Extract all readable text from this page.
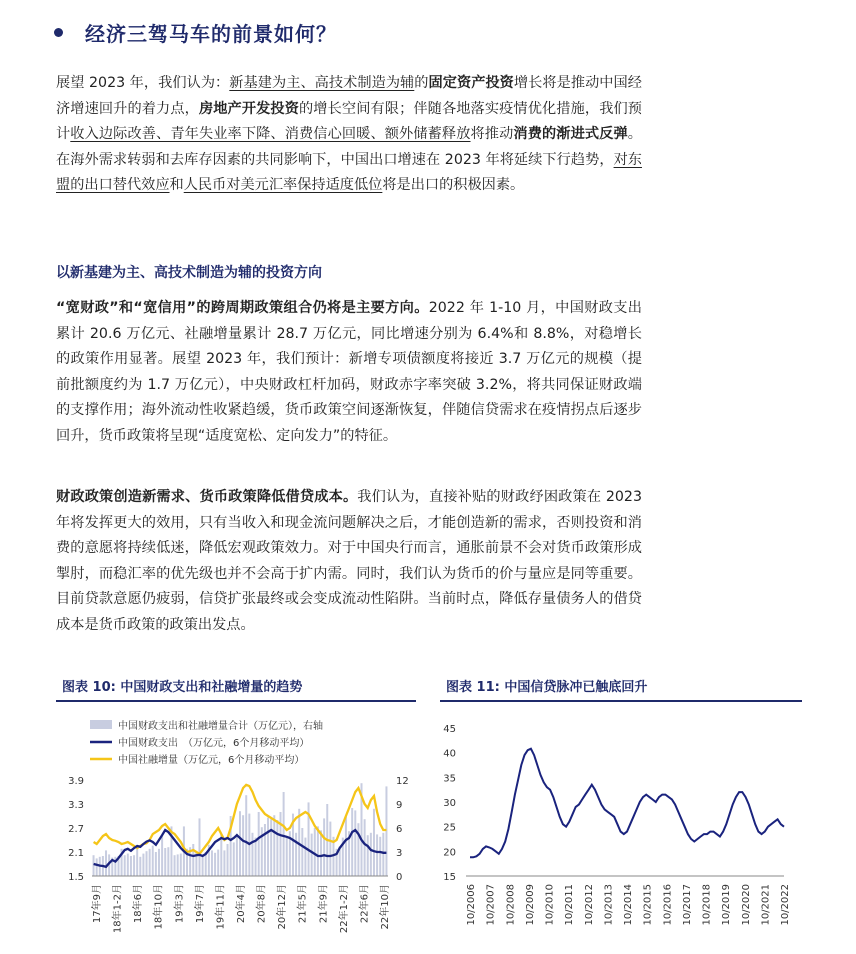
经济三驾马车的前景如何？
展望 2023 年，我们认为：新基建为主、高技术制造为辅的固定资产投资增长将是推动中国经济增速回升的着力点，房地产开发投资的增长空间有限；伴随各地落实疫情优化措施，我们预计收入边际改善、青年失业率下降、消费信心回暖、额外储蓄释放将推动消费的渐进式反弹。在海外需求转弱和去库存因素的共同影响下，中国出口增速在 2023 年将延续下行趋势，对东盟的出口替代效应和人民币对美元汇率保持适度低位将是出口的积极因素。
以新基建为主、高技术制造为辅的投资方向
“宽财政”和“宽信用”的跨周期政策组合仍将是主要方向。2022 年 1-10 月，中国财政支出累计 20.6 万亿元、社融增量累计 28.7 万亿元，同比增速分别为 6.4%和 8.8%，对稳增长的政策作用显著。展望 2023 年，我们预计：新增专项债额度将接近 3.7 万亿元的规模（提前批额度约为 1.7 万亿元），中央财政杠杆加码，财政赤字率突破 3.2%，将共同保证财政端的支撑作用；海外流动性收紧趋缓，货币政策空间逐渐恢复，伴随信贷需求在疫情拐点后逐步回升，货币政策将呈现“适度宽松、定向发力”的特征。
财政政策创造新需求、货币政策降低借贷成本。我们认为，直接补贴的财政纾困政策在 2023 年将发挥更大的效用，只有当收入和现金流问题解决之后，才能创造新的需求，否则投资和消费的意愿将持续低迷，降低宏观政策效力。对于中国央行而言，通胀前景不会对货币政策形成掣肘，而稳汇率的优先级也并不会高于扩内需。同时，我们认为货币的价与量应是同等重要。目前贷款意愿仍疲弱，信贷扩张最终或会变成流动性陷阱。当前时点，降低存量债务人的借贷成本是货币政策的政策出发点。
图表 10: 中国财政支出和社融增量的趋势	图表 11: 中国信贷脉冲已触底回升
中国财政支出和社融增量合计（万亿元），右轴
中国财政支出　（万亿元，6个月移动平均）
中国社融增量（万亿元，6个月移动平均）
1.5
2.1
2.7
3.3
3.9
0
3
6
9
12
17年9月 18年1-2月 18年6月 18年10月 19年3月 19年7月 19年11月 20年4月 20年8月 20年12月 21年5月 21年9月 22年1-2月 22年6月 22年10月
15
20
25
30
35
40
45
10/2006 10/2007 10/2008 10/2009 10/2010 10/2011 10/2012 10/2013 10/2014 10/2015 10/2016 10/2017 10/2018 10/2019 10/2020 10/2021 10/2022
